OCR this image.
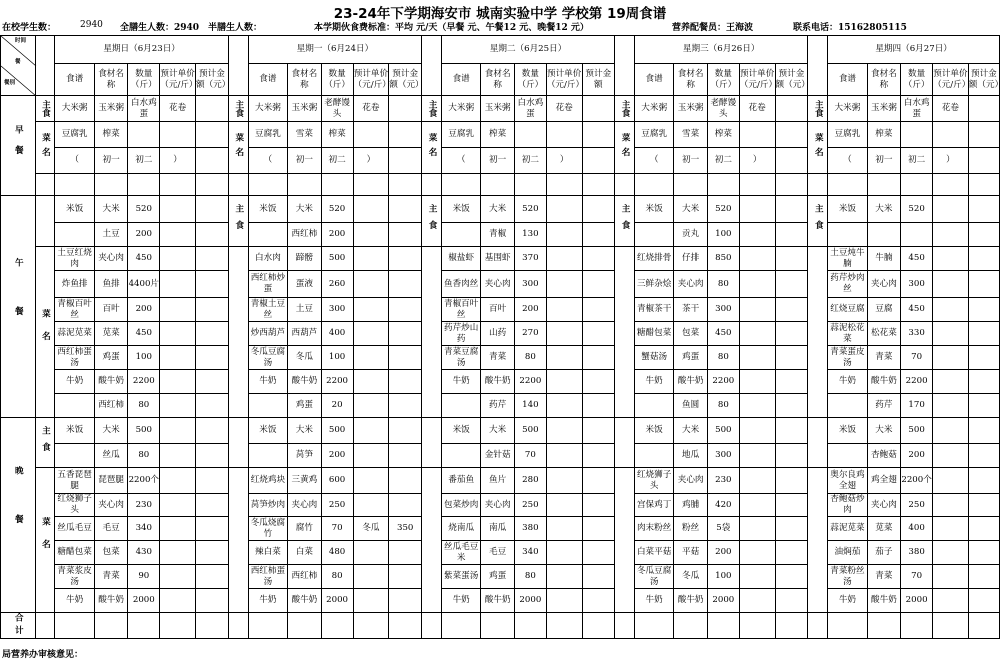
23-24年下学期海安市 城南实验中学 学校第 19周食谱
在校学生数：	2940 全膳生人数：2940 半膳生人数：	本学期伙食费标准：平均 元/天（早餐 元、午餐12 元、晚餐12 元）	营养配餐员：王海波	联系电话：15162805115
时间
餐
餐别		星期日（6月23日）						星期一（6月24日）						星期二（6月25日）						星期三（6月26日）						星期四（6月27日）				
		食谱	食材名称	数量（斤）	预计单价（元/斤）	预计金额（元）		食谱	食材名称	数量（斤）	预计单价（元/斤）	预计金额（元）		食谱	食材名称	数量（斤）	预计单价（元/斤）	预计金额		食谱	食材名称	数量（斤）	预计单价（元/斤）	预计金额（元）		食谱	食材名称	数量（斤）	预计单价（元/斤）	预计金额（元）
早餐	主食	大米粥	玉米粥	白水鸡蛋	花卷		主食	大米粥	玉米粥	老酵馒头	花卷		主食	大米粥	玉米粥	白水鸡蛋	花卷		主食	大米粥	玉米粥	老酵馒头	花卷		主食	大米粥	玉米粥	白水鸡蛋	花卷	
	菜名	豆腐乳	榨菜				菜名	豆腐乳	雪菜	榨菜			菜名	豆腐乳	榨菜				菜名	豆腐乳	雪菜	榨菜			菜名	豆腐乳	榨菜			
		（	初一	初二	）			（	初一	初二	）			（	初一	初二	）			（	初一	初二	）			（	初一	初二	）	

午餐		米饭	大米	520			主食	米饭	大米	520			主食	米饭	大米	520			主食	米饭	大米	520			主食	米饭	大米	520		
			土豆	200					西红柿	200					青椒	130					贡丸	100								
	菜名	土豆红烧肉	夹心肉	450				白水肉	蹄髈	500				椒盐虾	基围虾	370				红烧排骨	仔排	850				土豆炖牛腩	牛腩	450		
		炸鱼排	鱼排	4400片				西红柿炒蛋	蛋液	260				鱼香肉丝	夹心肉	300				三鲜杂烩	夹心肉	80				药芹炒肉丝	夹心肉	300		
		青椒百叶丝	百叶	200				青椒土豆丝	土豆	300				青椒百叶丝	百叶	200				青椒茶干	茶干	300				红烧豆腐	豆腐	450		
		蒜泥苋菜	苋菜	450				炒西葫芦	西葫芦	400				药芹炒山药	山药	270				糖醋包菜	包菜	450				蒜泥松花菜	松花菜	330		
		西红柿蛋汤	鸡蛋	100				冬瓜豆腐汤	冬瓜	100				青菜豆腐汤	青菜	80				蟹菇汤	鸡蛋	80				青菜蛋皮汤	青菜	70		
		牛奶	酸牛奶	2200				牛奶	酸牛奶	2200				牛奶	酸牛奶	2200				牛奶	酸牛奶	2200				牛奶	酸牛奶	2200		
			西红柿	80					鸡蛋	20					药芹	140					鱼圆	80					药芹	170		
晚餐	主食	米饭	大米	500				米饭	大米	500				米饭	大米	500				米饭	大米	500				米饭	大米	500		
			丝瓜	80					莴笋	200					金针菇	70					地瓜	300					杏鲍菇	200		
	菜名	五香琵琶腿	琵琶腿	2200个				红烧鸡块	三黄鸡	600				番茄鱼	鱼片	280				红烧狮子头	夹心肉	230				奥尔良鸡全翅	鸡全翅	2200个		
		红烧狮子头	夹心肉	230				莴笋炒肉	夹心肉	250				包菜炒肉	夹心肉	250				宫保鸡丁	鸡脯	420				杏鲍菇炒肉	夹心肉	250		
		丝瓜毛豆	毛豆	340				冬瓜烧腐竹	腐竹	70	冬瓜	350		烧南瓜	南瓜	380				肉末粉丝	粉丝	5袋				蒜泥苋菜	苋菜	400		
		糖醋包菜	包菜	430				辣白菜	白菜	480				丝瓜毛豆米	毛豆	340				白菜平菇	平菇	200				油焖茄	茄子	380		
		青菜浆皮汤	青菜	90				西红柿蛋汤	西红柿	80				紫菜蛋汤	鸡蛋	80				冬瓜豆腐汤	冬瓜	100				青菜粉丝汤	青菜	70		
		牛奶	酸牛奶	2000				牛奶	酸牛奶	2000				牛奶	酸牛奶	2000				牛奶	酸牛奶	2000				牛奶	酸牛奶	2000		
合计																														
局营养办审核意见：
